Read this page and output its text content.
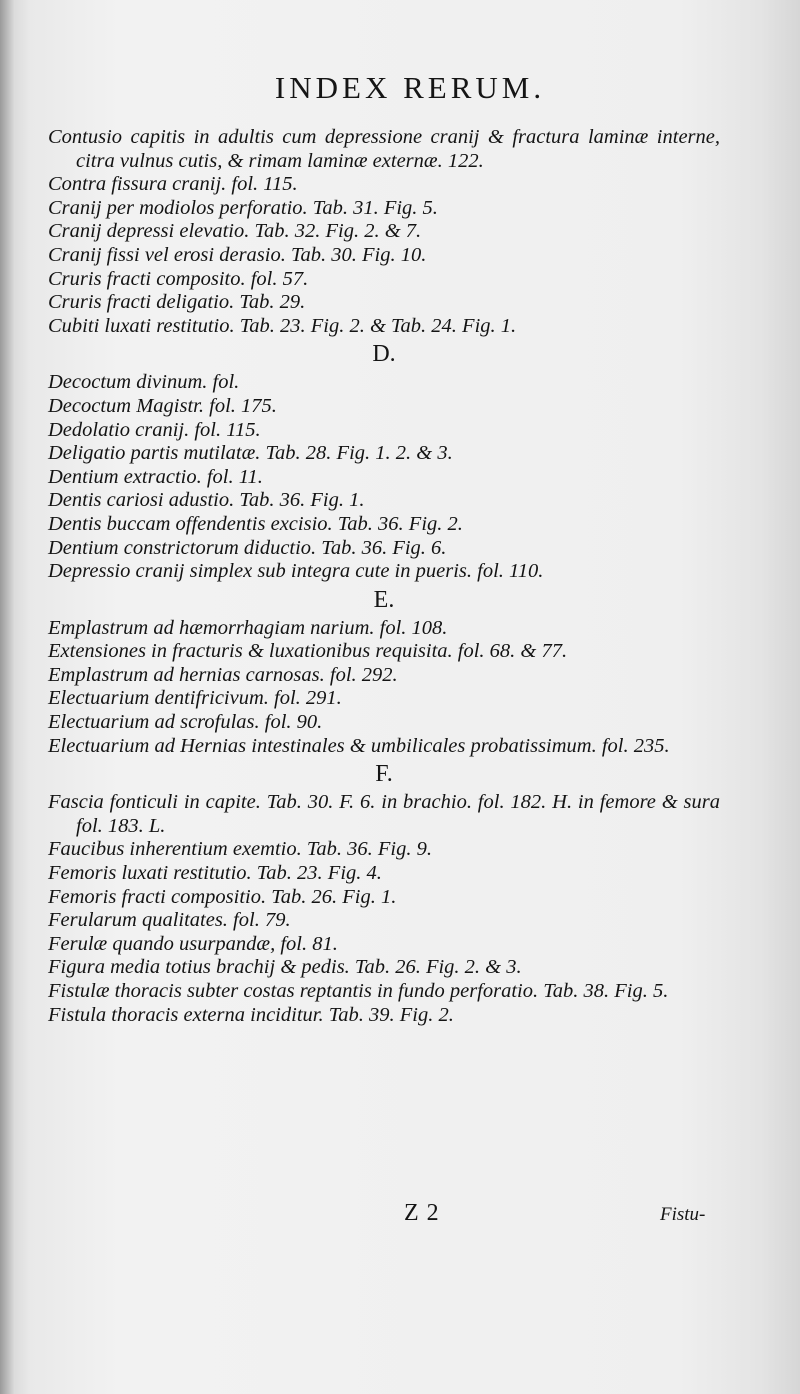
INDEX RERUM.

Contusio capitis in adultis cum depressione cranij & fractura laminæ interne, citra vulnus cutis, & rimam laminæ externæ. 122.

Contra fissura cranij. fol. 115.

Cranij per modiolos perforatio. Tab. 31. Fig. 5.

Cranij depressi elevatio. Tab. 32. Fig. 2. & 7.

Cranij fissi vel erosi derasio. Tab. 30. Fig. 10.

Cruris fracti composito. fol. 57.

Cruris fracti deligatio. Tab. 29.

Cubiti luxati restitutio. Tab. 23. Fig. 2. & Tab. 24. Fig. 1.

D.

Decoctum divinum. fol.

Decoctum Magistr. fol. 175.

Dedolatio cranij. fol. 115.

Deligatio partis mutilatæ. Tab. 28. Fig. 1. 2. & 3.

Dentium extractio. fol. 11.

Dentis cariosi adustio. Tab. 36. Fig. 1.

Dentis buccam offendentis excisio. Tab. 36. Fig. 2.

Dentium constrictorum diductio. Tab. 36. Fig. 6.

Depressio cranij simplex sub integra cute in pueris. fol. 110.

E.

Emplastrum ad hæmorrhagiam narium. fol. 108.

Extensiones in fracturis & luxationibus requisita. fol. 68. & 77.

Emplastrum ad hernias carnosas. fol. 292.

Electuarium dentifricivum. fol. 291.

Electuarium ad scrofulas. fol. 90.

Electuarium ad Hernias intestinales & umbilicales probatissimum. fol. 235.

F.

Fascia fonticuli in capite. Tab. 30. F. 6. in brachio. fol. 182. H. in femore & sura fol. 183. L.

Faucibus inherentium exemtio. Tab. 36. Fig. 9.

Femoris luxati restitutio. Tab. 23. Fig. 4.

Femoris fracti compositio. Tab. 26. Fig. 1.

Ferularum qualitates. fol. 79.

Ferulæ quando usurpandæ, fol. 81.

Figura media totius brachij & pedis. Tab. 26. Fig. 2. & 3.

Fistulæ thoracis subter costas reptantis in fundo perforatio. Tab. 38. Fig. 5.

Fistula thoracis externa inciditur. Tab. 39. Fig. 2.

Z 2	Fistu-
